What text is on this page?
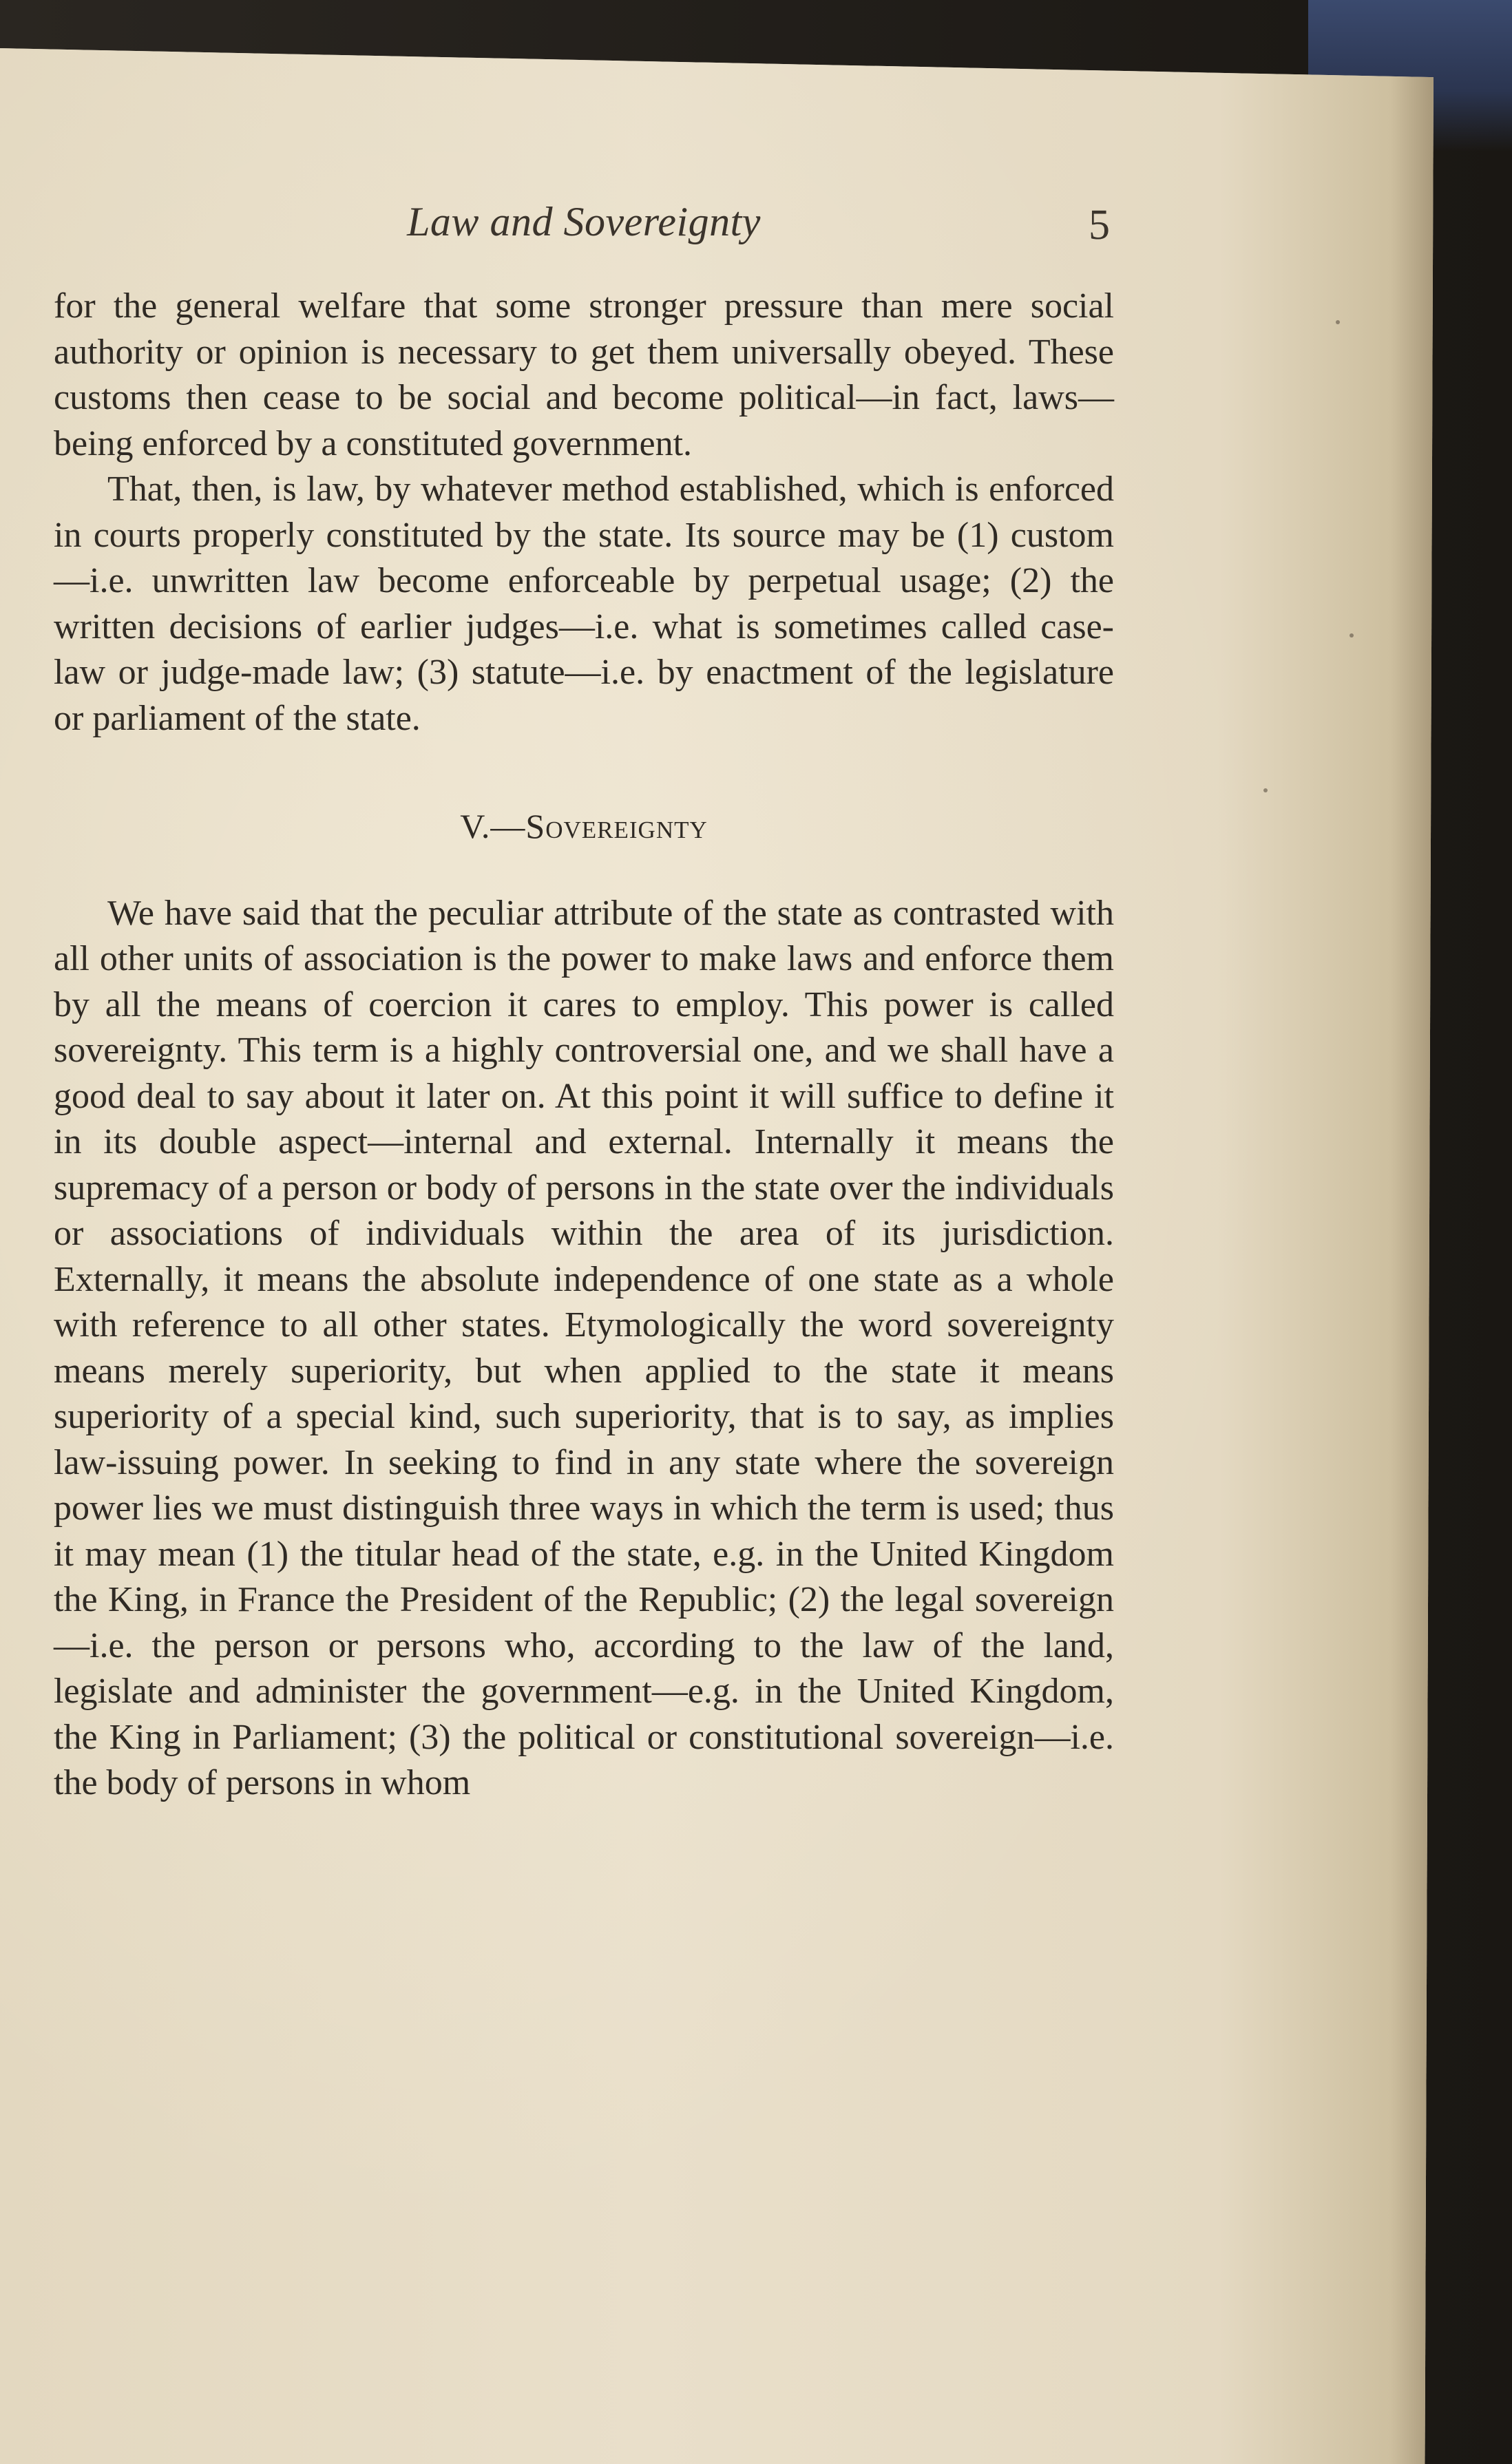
Law and Sovereignty	5

for the general welfare that some stronger pressure than mere social authority or opinion is necessary to get them universally obeyed. These customs then cease to be social and become political—in fact, laws—being enforced by a constituted government.

That, then, is law, by whatever method established, which is enforced in courts properly constituted by the state. Its source may be (1) custom—i.e. unwritten law become enforceable by perpetual usage; (2) the written decisions of earlier judges—i.e. what is sometimes called case-law or judge-made law; (3) statute—i.e. by enactment of the legislature or parliament of the state.

V.—Sovereignty

We have said that the peculiar attribute of the state as contrasted with all other units of association is the power to make laws and enforce them by all the means of coercion it cares to employ. This power is called sovereignty. This term is a highly controversial one, and we shall have a good deal to say about it later on. At this point it will suffice to define it in its double aspect—internal and external. Internally it means the supremacy of a person or body of persons in the state over the individuals or associations of individuals within the area of its jurisdiction. Externally, it means the absolute independence of one state as a whole with reference to all other states. Etymologically the word sovereignty means merely superiority, but when applied to the state it means superiority of a special kind, such superiority, that is to say, as implies law-issuing power. In seeking to find in any state where the sovereign power lies we must distinguish three ways in which the term is used; thus it may mean (1) the titular head of the state, e.g. in the United Kingdom the King, in France the President of the Republic; (2) the legal sovereign —i.e. the person or persons who, according to the law of the land, legislate and administer the government—e.g. in the United Kingdom, the King in Parliament; (3) the political or constitutional sovereign—i.e. the body of persons in whom
